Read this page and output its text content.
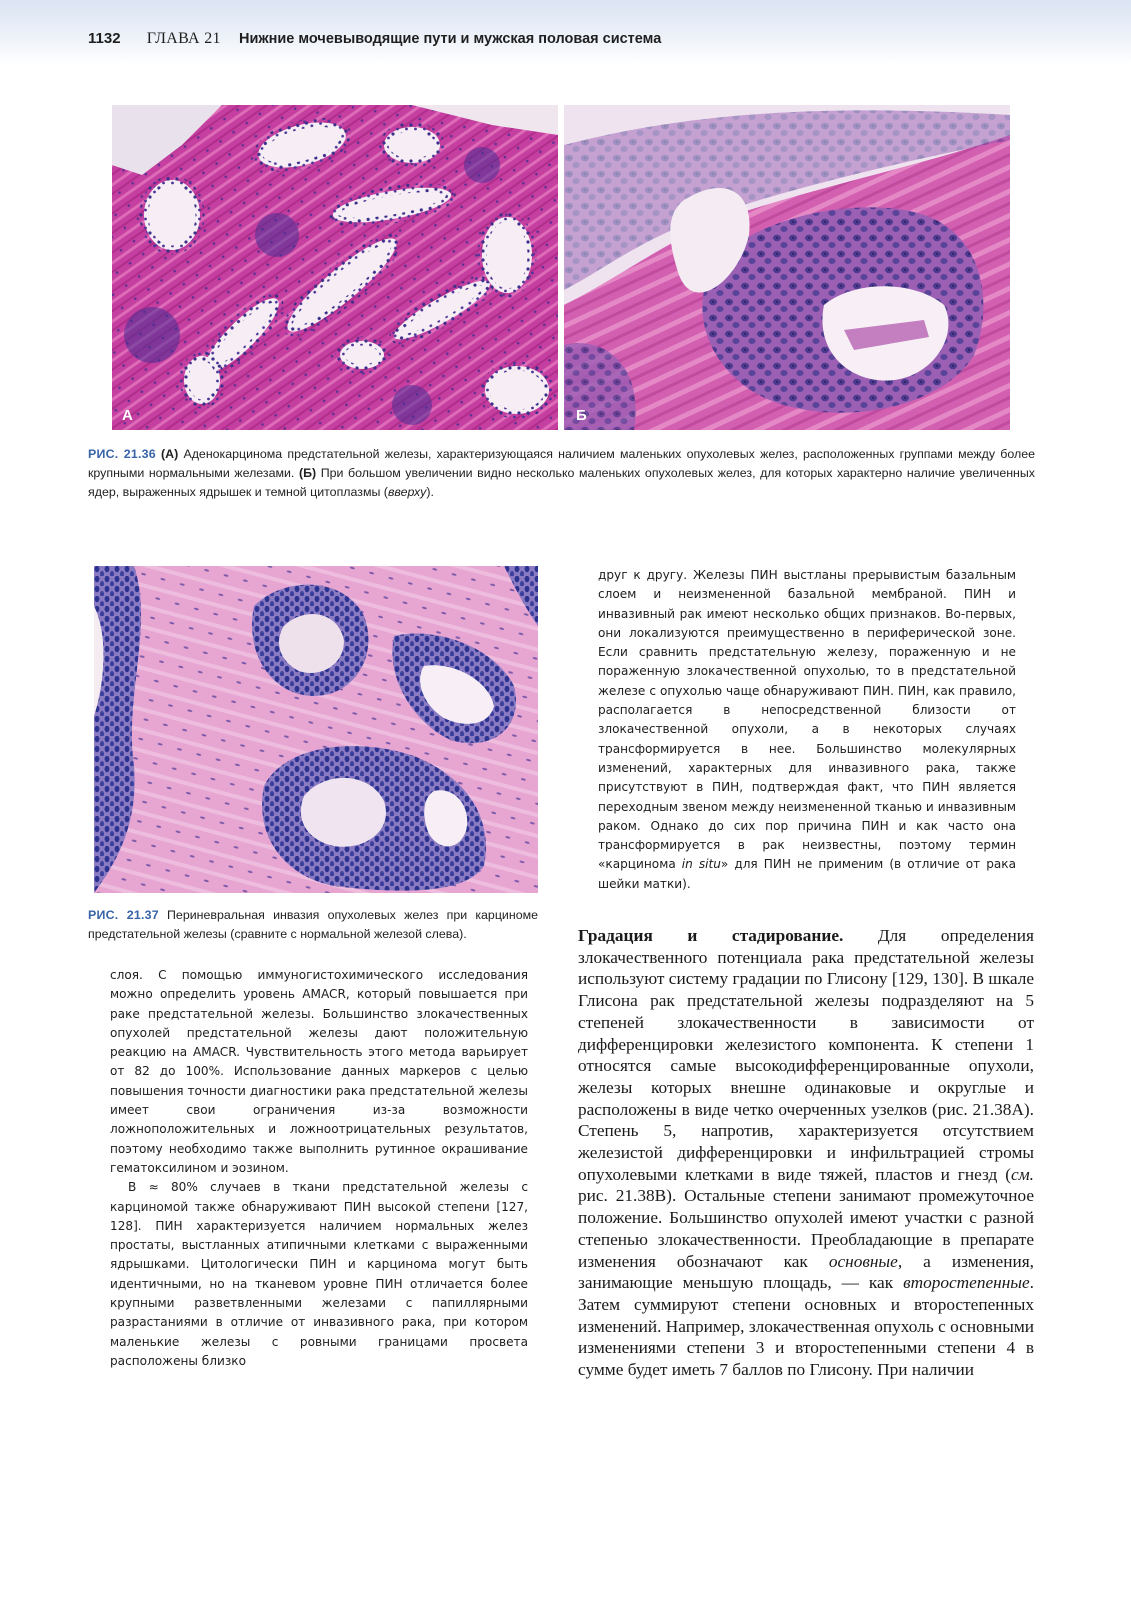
1132 ГЛАВА 21 Нижние мочевыводящие пути и мужская половая система
А	Б
РИС. 21.36 (А) Аденокарцинома предстательной железы, характеризующаяся наличием маленьких опухолевых желез, расположенных группами между более крупными нормальными железами. (Б) При большом увеличении видно несколько маленьких опухолевых желез, для которых характерно наличие увеличенных ядер, выраженных ядрышек и темной цитоплазмы (вверху).
РИС. 21.37 Периневральная инвазия опухолевых желез при карциноме предстательной железы (сравните с нормальной железой слева).

слоя. С помощью иммуногистохимического исследования можно определить уровень AMACR, который повышается при раке предстательной железы. Большинство злокачественных опухолей предстательной железы дают положительную реакцию на AMACR. Чувствительность этого метода варьирует от 82 до 100%. Использование данных маркеров с целью повышения точности диагностики рака предстательной железы имеет свои ограничения из-за возможности ложноположительных и ложноотрицательных результатов, поэтому необходимо также выполнить рутинное окрашивание гематоксилином и эозином.

В ≈ 80% случаев в ткани предстательной железы с карциномой также обнаруживают ПИН высокой степени [127, 128]. ПИН характеризуется наличием нормальных желез простаты, выстланных атипичными клетками с выраженными ядрышками. Цитологически ПИН и карцинома могут быть идентичными, но на тканевом уровне ПИН отличается более крупными разветвленными железами с папиллярными разрастаниями в отличие от инвазивного рака, при котором маленькие железы с ровными границами просвета расположены близко

друг к другу. Железы ПИН выстланы прерывистым базальным слоем и неизмененной базальной мембраной. ПИН и инвазивный рак имеют несколько общих признаков. Во-первых, они локализуются преимущественно в периферической зоне. Если сравнить предстательную железу, пораженную и не пораженную злокачественной опухолью, то в предстательной железе с опухолью чаще обнаруживают ПИН. ПИН, как правило, располагается в непосредственной близости от злокачественной опухоли, а в некоторых случаях трансформируется в нее. Большинство молекулярных изменений, характерных для инвазивного рака, также присутствуют в ПИН, подтверждая факт, что ПИН является переходным звеном между неизмененной тканью и инвазивным раком. Однако до сих пор причина ПИН и как часто она трансформируется в рак неизвестны, поэтому термин «карцинома in situ» для ПИН не применим (в отличие от рака шейки матки).

Градация и стадирование. Для определения злокачественного потенциала рака предстательной железы используют систему градации по Глисону [129, 130]. В шкале Глисона рак предстательной железы подразделяют на 5 степеней злокачественности в зависимости от дифференцировки железистого компонента. К степени 1 относятся самые высокодифференцированные опухоли, железы которых внешне одинаковые и округлые и расположены в виде четко очерченных узелков (рис. 21.38А). Степень 5, напротив, характеризуется отсутствием железистой дифференцировки и инфильтрацией стромы опухолевыми клетками в виде тяжей, пластов и гнезд (см. рис. 21.38В). Остальные степени занимают промежуточное положение. Большинство опухолей имеют участки с разной степенью злокачественности. Преобладающие в препарате изменения обозначают как основные, а изменения, занимающие меньшую площадь, — как второстепенные. Затем суммируют степени основных и второстепенных изменений. Например, злокачественная опухоль с основными изменениями степени 3 и второстепенными степени 4 в сумме будет иметь 7 баллов по Глисону. При наличии
